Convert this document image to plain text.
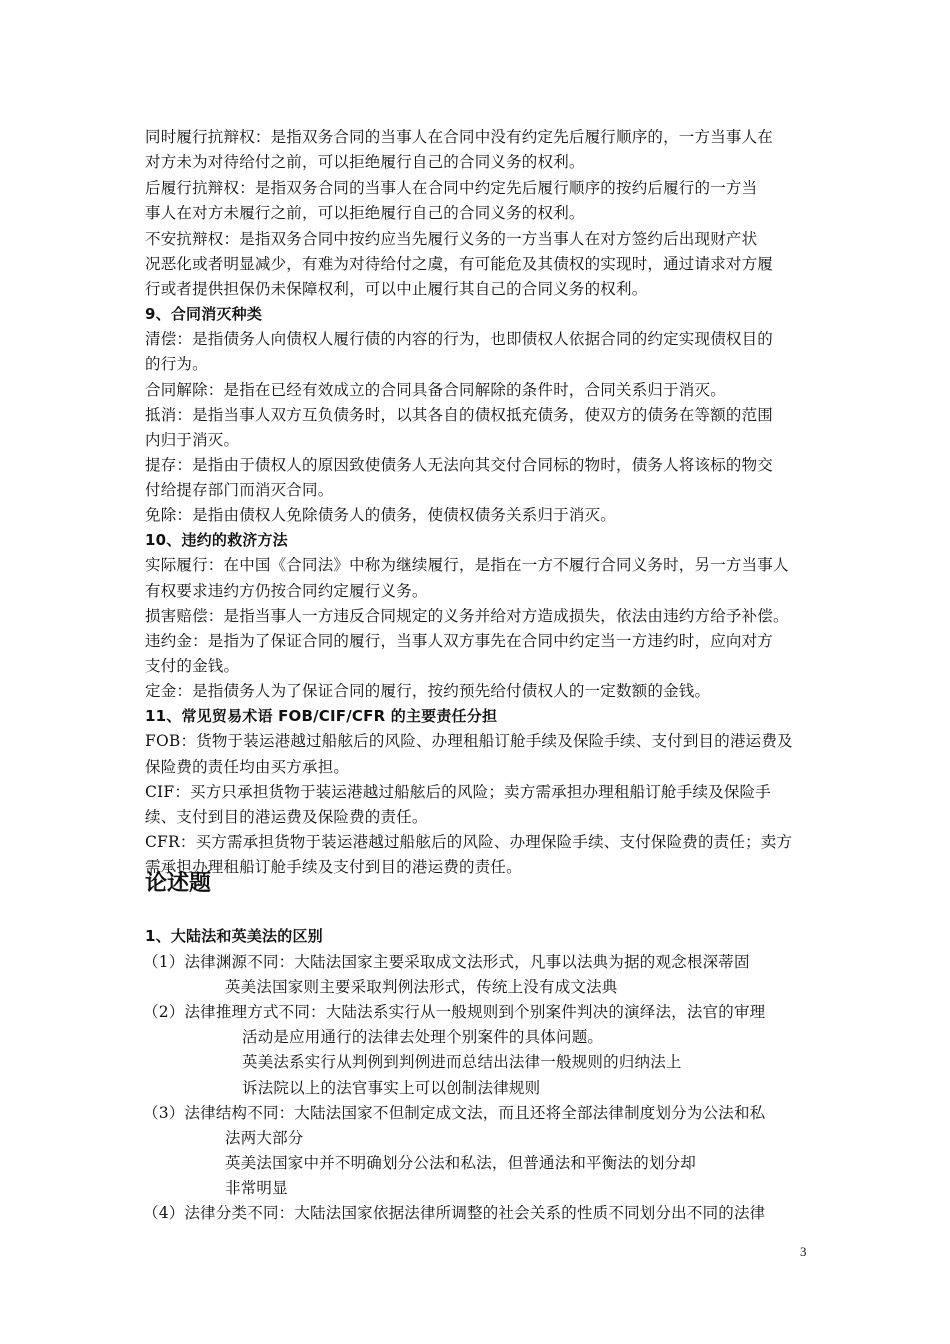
同时履行抗辩权：是指双务合同的当事人在合同中没有约定先后履行顺序的，一方当事人在
对方未为对待给付之前，可以拒绝履行自己的合同义务的权利。
后履行抗辩权：是指双务合同的当事人在合同中约定先后履行顺序的按约后履行的一方当
事人在对方未履行之前，可以拒绝履行自己的合同义务的权利。
不安抗辩权：是指双务合同中按约应当先履行义务的一方当事人在对方签约后出现财产状
况恶化或者明显减少，有难为对待给付之虞，有可能危及其债权的实现时，通过请求对方履
行或者提供担保仍未保障权利，可以中止履行其自己的合同义务的权利。
9、合同消灭种类
清偿：是指债务人向债权人履行债的内容的行为，也即债权人依据合同的约定实现债权目的
的行为。
合同解除：是指在已经有效成立的合同具备合同解除的条件时，合同关系归于消灭。
抵消：是指当事人双方互负债务时，以其各自的债权抵充债务，使双方的债务在等额的范围
内归于消灭。
提存：是指由于债权人的原因致使债务人无法向其交付合同标的物时，债务人将该标的物交
付给提存部门而消灭合同。
免除：是指由债权人免除债务人的债务，使债权债务关系归于消灭。
10、违约的救济方法
实际履行：在中国《合同法》中称为继续履行，是指在一方不履行合同义务时，另一方当事人
有权要求违约方仍按合同约定履行义务。
损害赔偿：是指当事人一方违反合同规定的义务并给对方造成损失，依法由违约方给予补偿。
违约金：是指为了保证合同的履行，当事人双方事先在合同中约定当一方违约时，应向对方
支付的金钱。
定金：是指债务人为了保证合同的履行，按约预先给付债权人的一定数额的金钱。
11、常见贸易术语 FOB/CIF/CFR 的主要责任分担
FOB：货物于装运港越过船舷后的风险、办理租船订舱手续及保险手续、支付到目的港运费及
保险费的责任均由买方承担。
CIF：买方只承担货物于装运港越过船舷后的风险；卖方需承担办理租船订舱手续及保险手
续、支付到目的港运费及保险费的责任。
CFR：买方需承担货物于装运港越过船舷后的风险、办理保险手续、支付保险费的责任；卖方
需承担办理租船订舱手续及支付到目的港运费的责任。
论述题
1、大陆法和英美法的区别
（1）法律渊源不同：大陆法国家主要采取成文法形式，凡事以法典为据的观念根深蒂固
英美法国家则主要采取判例法形式，传统上没有成文法典
（2）法律推理方式不同：大陆法系实行从一般规则到个别案件判决的演绎法，法官的审理
活动是应用通行的法律去处理个别案件的具体问题。
英美法系实行从判例到判例进而总结出法律一般规则的归纳法上
诉法院以上的法官事实上可以创制法律规则
（3）法律结构不同：大陆法国家不但制定成文法，而且还将全部法律制度划分为公法和私
法两大部分
英美法国家中并不明确划分公法和私法，但普通法和平衡法的划分却
非常明显
（4）法律分类不同：大陆法国家依据法律所调整的社会关系的性质不同划分出不同的法律
3
